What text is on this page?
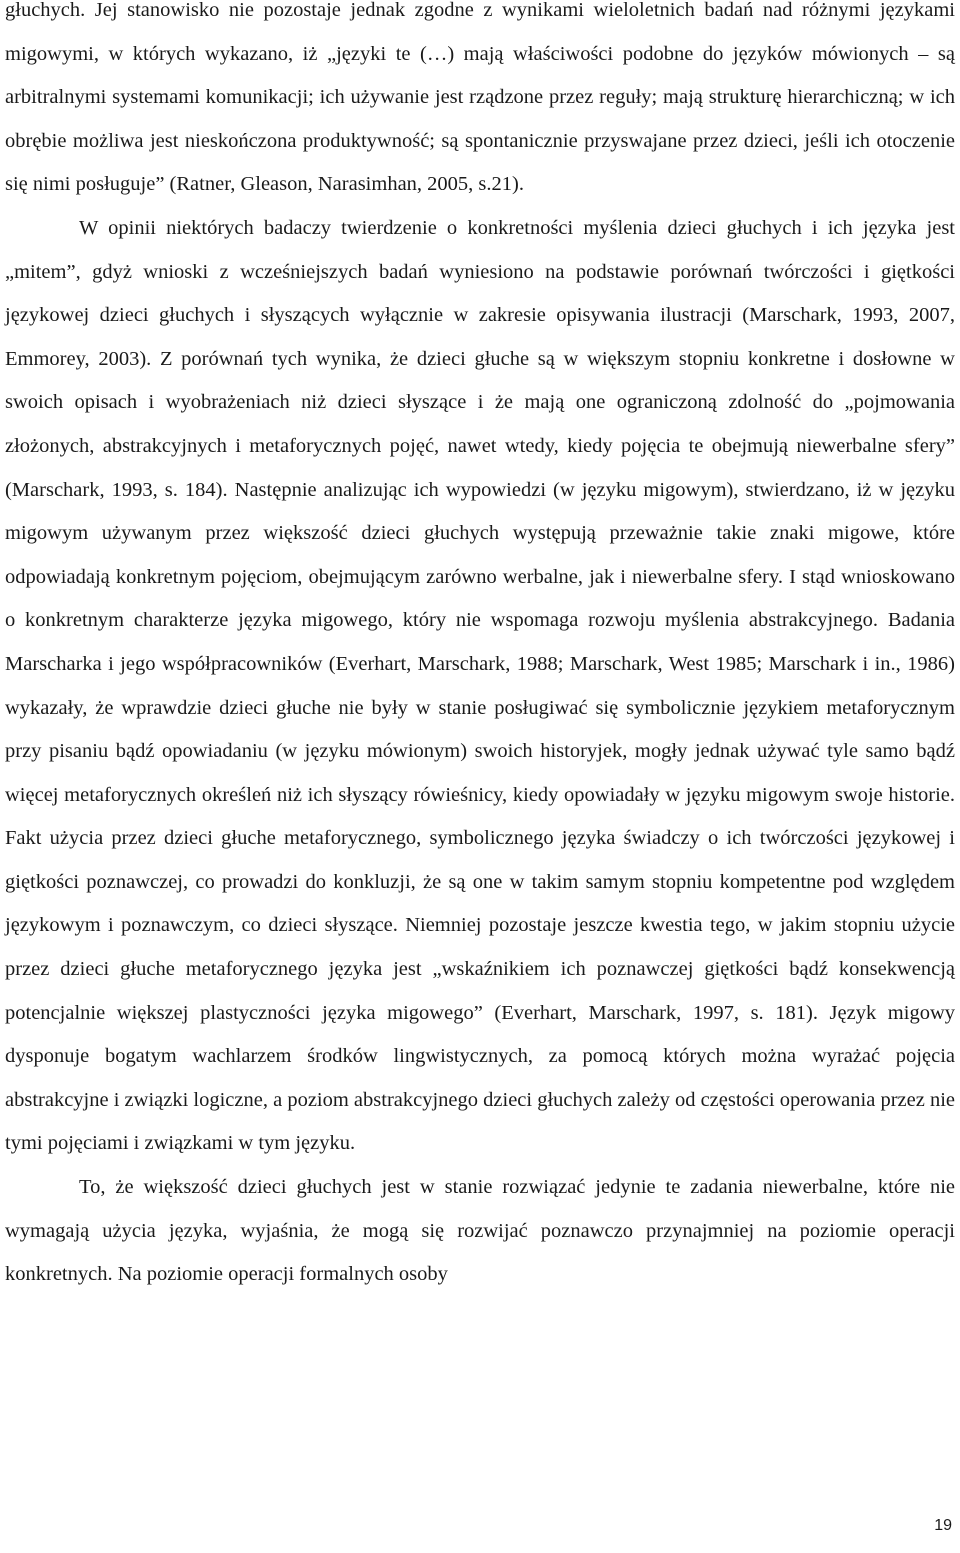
głuchych. Jej stanowisko nie pozostaje jednak zgodne z wynikami wieloletnich badań nad różnymi językami migowymi, w których wykazano, iż „języki te (…) mają właściwości podobne do języków mówionych – są arbitralnymi systemami komunikacji; ich używanie jest rządzone przez reguły; mają strukturę hierarchiczną; w ich obrębie możliwa jest nieskończona produktywność; są spontanicznie przyswajane przez dzieci, jeśli ich otoczenie się nimi posługuje” (Ratner, Gleason, Narasimhan, 2005, s.21).

W opinii niektórych badaczy twierdzenie o konkretności myślenia dzieci głuchych i ich języka jest „mitem”, gdyż wnioski z wcześniejszych badań wyniesiono na podstawie porównań twórczości i giętkości językowej dzieci głuchych i słyszących wyłącznie w zakresie opisywania ilustracji (Marschark, 1993, 2007, Emmorey, 2003). Z porównań tych wynika, że dzieci głuche są w większym stopniu konkretne i dosłowne w swoich opisach i wyobrażeniach niż dzieci słyszące i że mają one ograniczoną zdolność do „pojmowania złożonych, abstrakcyjnych i metaforycznych pojęć, nawet wtedy, kiedy pojęcia te obejmują niewerbalne sfery” (Marschark, 1993, s. 184). Następnie analizując ich wypowiedzi (w języku migowym), stwierdzano, iż w języku migowym używanym przez większość dzieci głuchych występują przeważnie takie znaki migowe, które odpowiadają konkretnym pojęciom, obejmującym zarówno werbalne, jak i niewerbalne sfery. I stąd wnioskowano o konkretnym charakterze języka migowego, który nie wspomaga rozwoju myślenia abstrakcyjnego. Badania Marscharka i jego współpracowników (Everhart, Marschark, 1988; Marschark, West 1985; Marschark i in., 1986) wykazały, że wprawdzie dzieci głuche nie były w stanie posługiwać się symbolicznie językiem metaforycznym przy pisaniu bądź opowiadaniu (w języku mówionym) swoich historyjek, mogły jednak używać tyle samo bądź więcej metaforycznych określeń niż ich słyszący rówieśnicy, kiedy opowiadały w języku migowym swoje historie. Fakt użycia przez dzieci głuche metaforycznego, symbolicznego języka świadczy o ich twórczości językowej i giętkości poznawczej, co prowadzi do konkluzji, że są one w takim samym stopniu kompetentne pod względem językowym i poznawczym, co dzieci słyszące. Niemniej pozostaje jeszcze kwestia tego, w jakim stopniu użycie przez dzieci głuche metaforycznego języka jest „wskaźnikiem ich poznawczej giętkości bądź konsekwencją potencjalnie większej plastyczności języka migowego” (Everhart, Marschark, 1997, s. 181). Język migowy dysponuje bogatym wachlarzem środków lingwistycznych, za pomocą których można wyrażać pojęcia abstrakcyjne i związki logiczne, a poziom abstrakcyjnego dzieci głuchych zależy od częstości operowania przez nie tymi pojęciami i związkami w tym języku.

To, że większość dzieci głuchych jest w stanie rozwiązać jedynie te zadania niewerbalne, które nie wymagają użycia języka, wyjaśnia, że mogą się rozwijać poznawczo przynajmniej na poziomie operacji konkretnych. Na poziomie operacji formalnych osoby

19
